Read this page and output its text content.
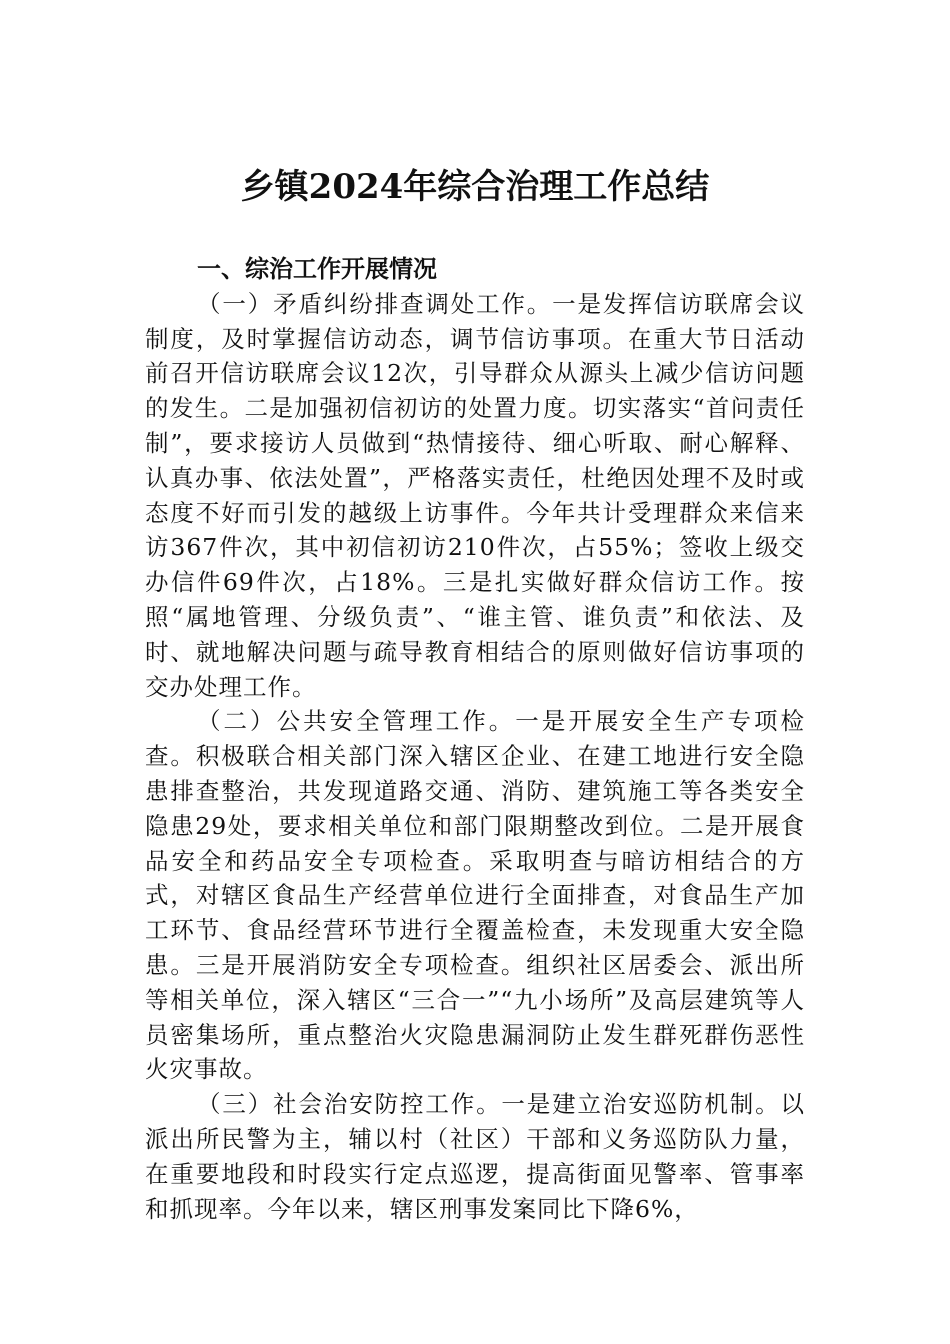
乡镇2024年综合治理工作总结

一、综治工作开展情况

（一）矛盾纠纷排查调处工作。一是发挥信访联席会议制度，及时掌握信访动态，调节信访事项。在重大节日活动前召开信访联席会议12次，引导群众从源头上减少信访问题的发生。二是加强初信初访的处置力度。切实落实“首问责任制”，要求接访人员做到“热情接待、细心听取、耐心解释、认真办事、依法处置”，严格落实责任，杜绝因处理不及时或态度不好而引发的越级上访事件。今年共计受理群众来信来访367件次，其中初信初访210件次，占55%；签收上级交办信件69件次，占18%。三是扎实做好群众信访工作。按照“属地管理、分级负责”、“谁主管、谁负责”和依法、及时、就地解决问题与疏导教育相结合的原则做好信访事项的交办处理工作。

（二）公共安全管理工作。一是开展安全生产专项检查。积极联合相关部门深入辖区企业、在建工地进行安全隐患排查整治，共发现道路交通、消防、建筑施工等各类安全隐患29处，要求相关单位和部门限期整改到位。二是开展食品安全和药品安全专项检查。采取明查与暗访相结合的方式，对辖区食品生产经营单位进行全面排查，对食品生产加工环节、食品经营环节进行全覆盖检查，未发现重大安全隐患。三是开展消防安全专项检查。组织社区居委会、派出所等相关单位，深入辖区“三合一”“九小场所”及高层建筑等人员密集场所，重点整治火灾隐患漏洞防止发生群死群伤恶性火灾事故。

（三）社会治安防控工作。一是建立治安巡防机制。以派出所民警为主，辅以村（社区）干部和义务巡防队力量，在重要地段和时段实行定点巡逻，提高街面见警率、管事率和抓现率。今年以来，辖区刑事发案同比下降6%，
